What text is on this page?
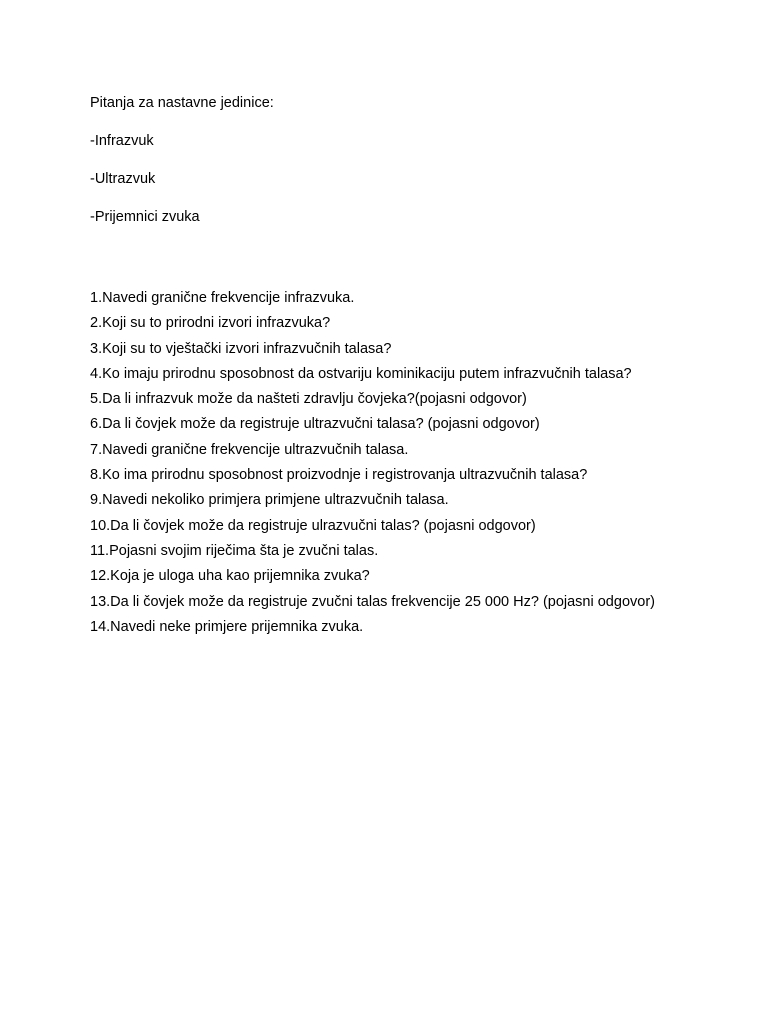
Pitanja za nastavne jedinice:
-Infrazvuk
-Ultrazvuk
-Prijemnici zvuka
1.Navedi granične frekvencije infrazvuka.
2.Koji su to prirodni izvori infrazvuka?
3.Koji su to vještački izvori infrazvučnih talasa?
4.Ko imaju prirodnu sposobnost da ostvariju kominikaciju putem infrazvučnih talasa?
5.Da li infrazvuk može da našteti zdravlju čovjeka?(pojasni odgovor)
6.Da li čovjek može da registruje ultrazvučni talasa? (pojasni odgovor)
7.Navedi granične frekvencije ultrazvučnih talasa.
8.Ko ima prirodnu sposobnost proizvodnje i registrovanja ultrazvučnih talasa?
9.Navedi nekoliko primjera primjene ultrazvučnih talasa.
10.Da li čovjek može da registruje ulrazvučni talas? (pojasni odgovor)
11.Pojasni svojim riječima šta je zvučni talas.
12.Koja je uloga uha kao prijemnika zvuka?
13.Da li čovjek može da registruje zvučni talas frekvencije 25 000 Hz? (pojasni odgovor)
14.Navedi neke primjere prijemnika zvuka.
